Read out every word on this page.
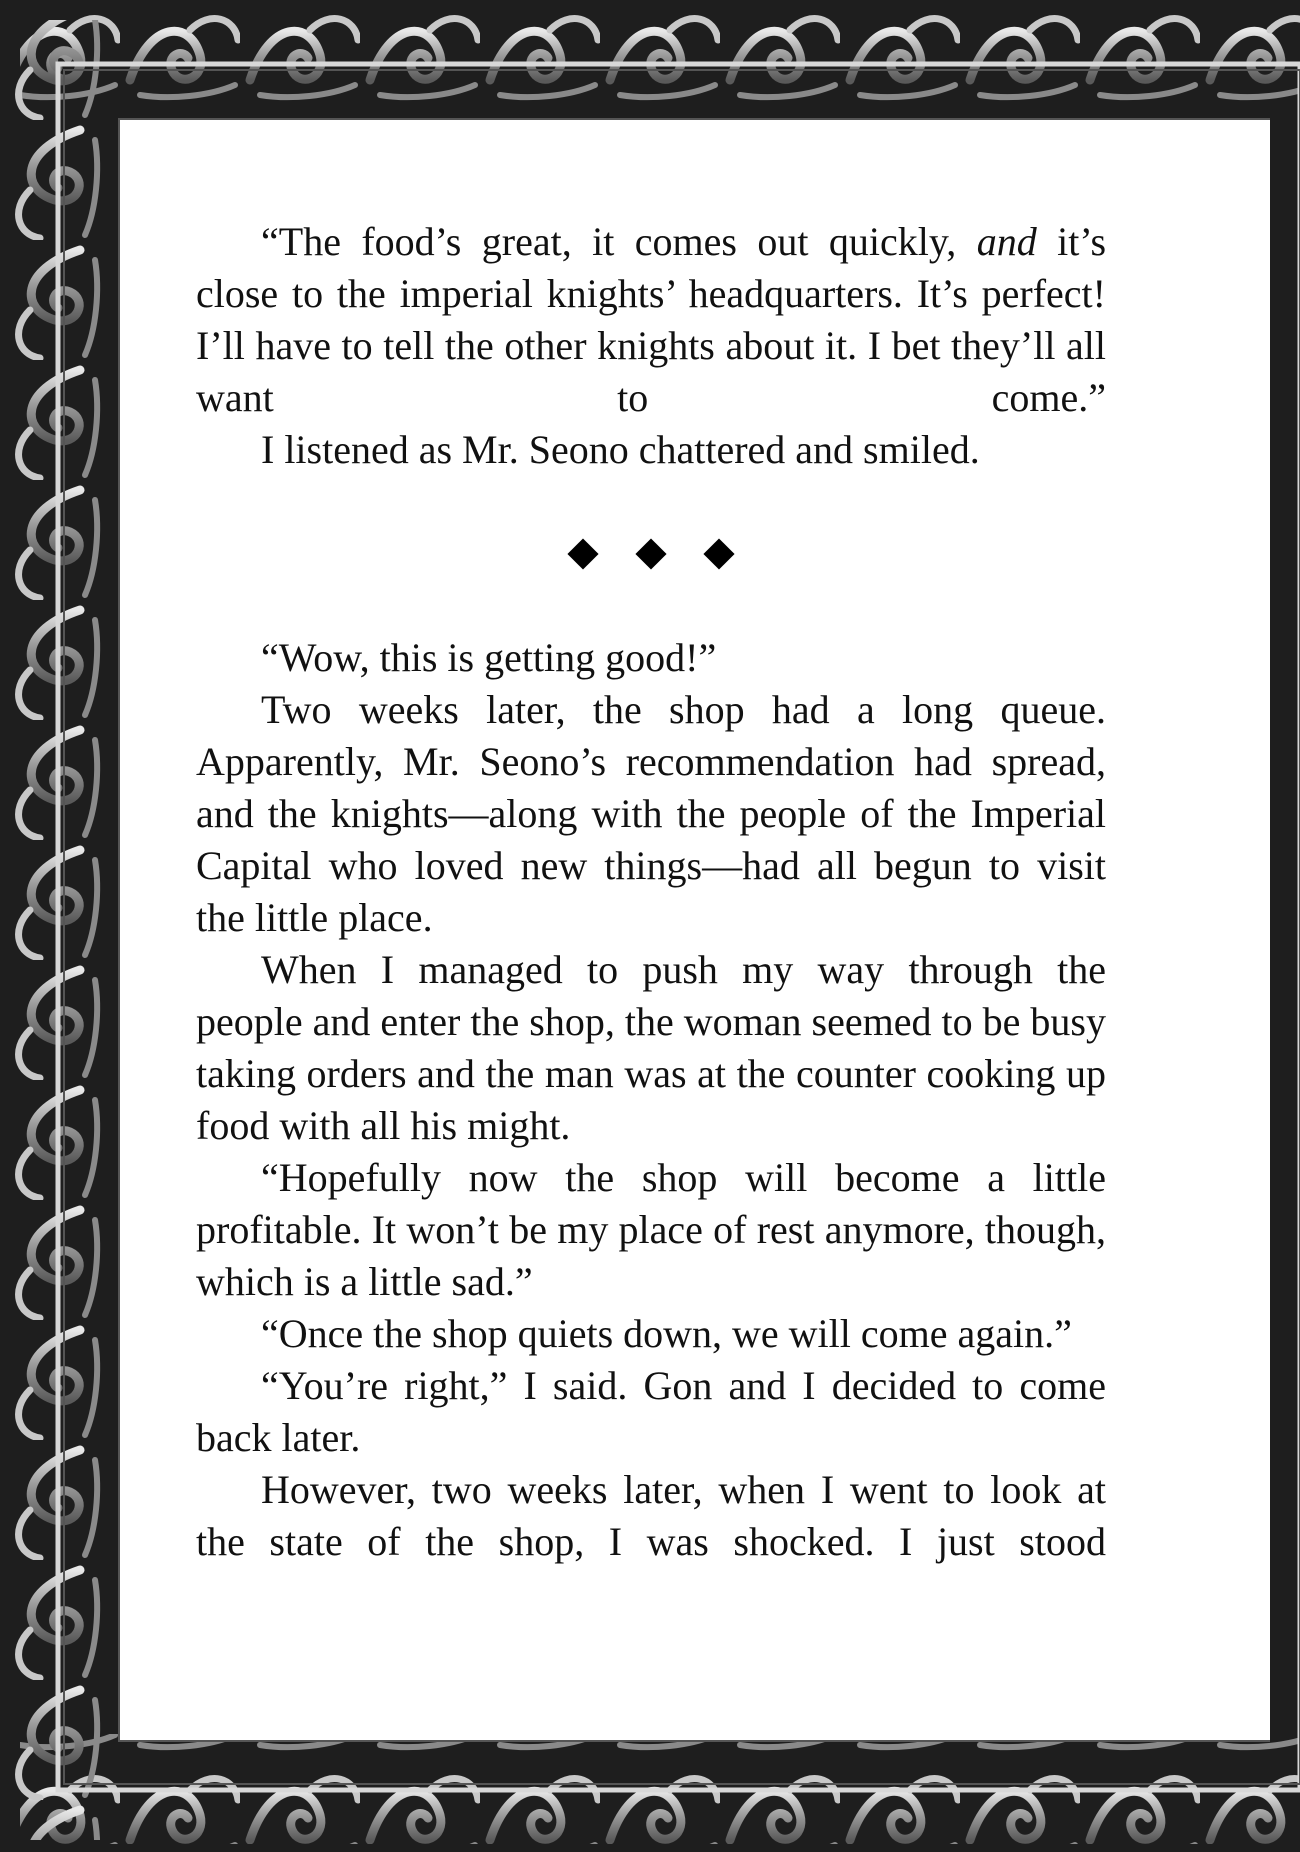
“The food’s great, it comes out quickly, and it’s close to the imperial knights’ headquarters. It’s perfect! I’ll have to tell the other knights about it. I bet they’ll all want to come.”

I listened as Mr. Seono chattered and smiled.

“Wow, this is getting good!”

Two weeks later, the shop had a long queue. Apparently, Mr. Seono’s recommendation had spread, and the knights—along with the people of the Imperial Capital who loved new things—had all begun to visit the little place.

When I managed to push my way through the people and enter the shop, the woman seemed to be busy taking orders and the man was at the counter cooking up food with all his might.

“Hopefully now the shop will become a little profitable. It won’t be my place of rest anymore, though, which is a little sad.”

“Once the shop quiets down, we will come again.”

“You’re right,” I said. Gon and I decided to come back later.

However, two weeks later, when I went to look at the state of the shop, I was shocked. I just stood
